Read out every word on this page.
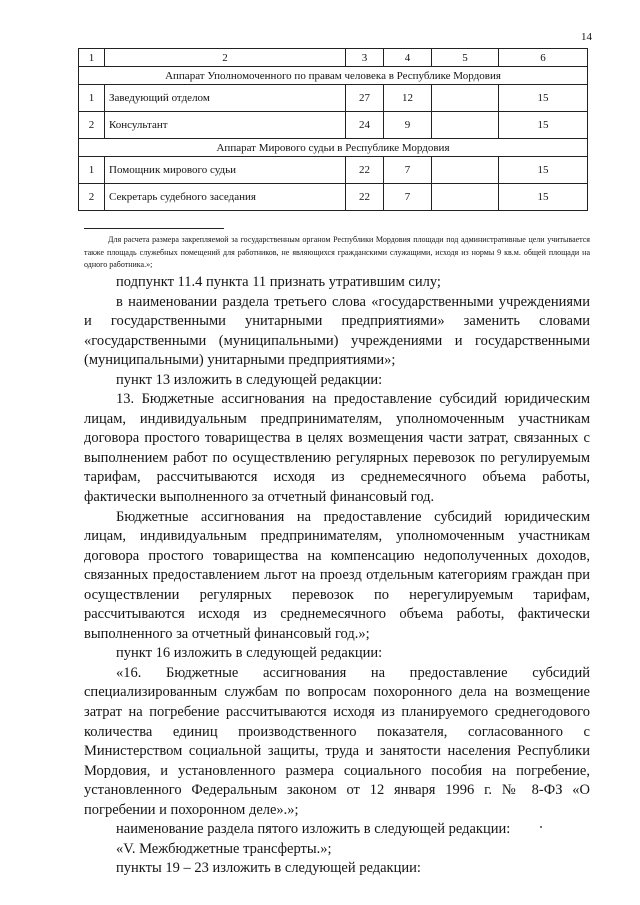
14
1	2	3	4	5	6
Аппарат Уполномоченного по правам человека в Республике Мордовия					
1	Заведующий отделом	27	12		15
2	Консультант	24	9		15
Аппарат Мирового судьи в Республике Мордовия					
1	Помощник мирового судьи	22	7		15
2	Секретарь судебного заседания	22	7		15
Для расчета размера закрепляемой за государственным органом Республики Мордовия площади под административные цели учитывается также площадь служебных помещений для работников, не являющихся гражданскими служащими, исходя из нормы 9 кв.м. общей площади на одного работника.»;

подпункт 11.4 пункта 11 признать утратившим силу;

в наименовании раздела третьего слова «государственными учреждениями и государственными унитарными предприятиями» заменить словами «государственными (муниципальными) учреждениями и государственными (муниципальными) унитарными предприятиями»;

пункт 13 изложить в следующей редакции:

13. Бюджетные ассигнования на предоставление субсидий юридическим лицам, индивидуальным предпринимателям, уполномоченным участникам договора простого товарищества в целях возмещения части затрат, связанных с выполнением работ по осуществлению регулярных перевозок по регулируемым тарифам, рассчитываются исходя из среднемесячного объема работы, фактически выполненного за отчетный финансовый год.

Бюджетные ассигнования на предоставление субсидий юридическим лицам, индивидуальным предпринимателям, уполномоченным участникам договора простого товарищества на компенсацию недополученных доходов, связанных предоставлением льгот на проезд отдельным категориям граждан при осуществлении регулярных перевозок по нерегулируемым тарифам, рассчитываются исходя из среднемесячного объема работы, фактически выполненного за отчетный финансовый год.»;

пункт 16 изложить в следующей редакции:

«16. Бюджетные ассигнования на предоставление субсидий специализированным службам по вопросам похоронного дела на возмещение затрат на погребение рассчитываются исходя из планируемого среднегодового количества единиц производственного показателя, согласованного с Министерством социальной защиты, труда и занятости населения Республики Мордовия, и установленного размера социального пособия на погребение, установленного Федеральным законом от 12 января 1996 г. № 8-ФЗ «О погребении и похоронном деле».»;

наименование раздела пятого изложить в следующей редакции:

«V. Межбюджетные трансферты.»;

пункты 19 – 23 изложить в следующей редакции:
